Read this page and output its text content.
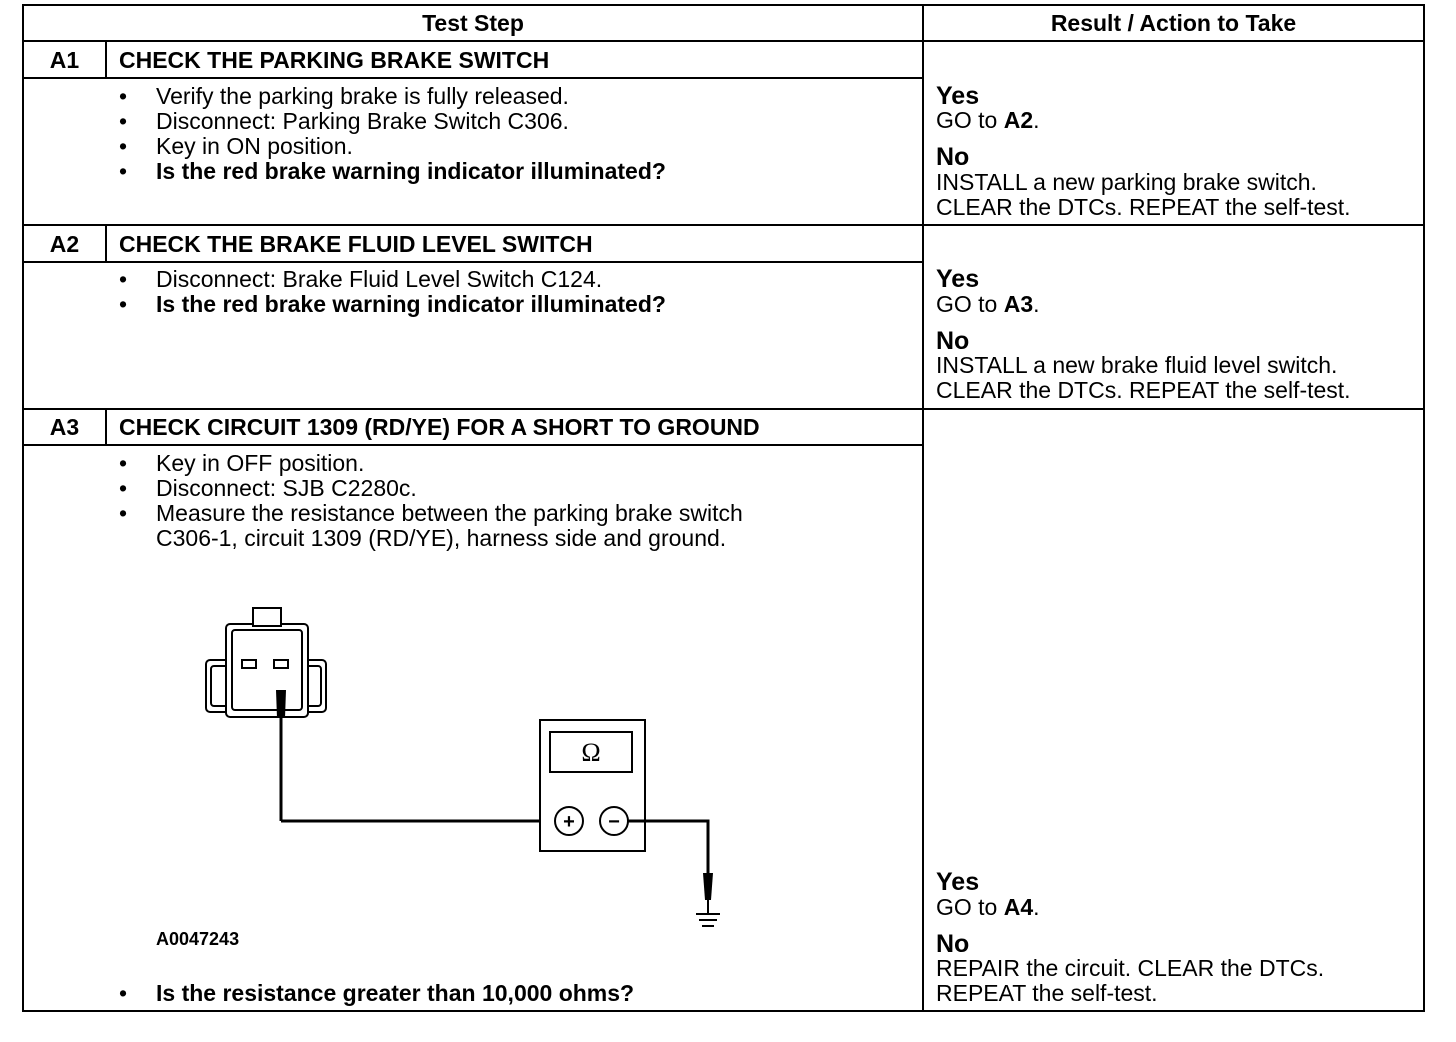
Test Step	Result / Action to Take
A1	CHECK THE PARKING BRAKE SWITCH
• Verify the parking brake is fully released.
• Disconnect: Parking Brake Switch C306.
• Key in ON position.
• Is the red brake warning indicator illuminated?
Yes
GO to A2.
No
INSTALL a new parking brake switch.
CLEAR the DTCs. REPEAT the self-test.
A2	CHECK THE BRAKE FLUID LEVEL SWITCH
• Disconnect: Brake Fluid Level Switch C124.
• Is the red brake warning indicator illuminated?
Yes
GO to A3.
No
INSTALL a new brake fluid level switch.
CLEAR the DTCs. REPEAT the self-test.
A3	CHECK CIRCUIT 1309 (RD/YE) FOR A SHORT TO GROUND
• Key in OFF position.
• Disconnect: SJB C2280c.
• Measure the resistance between the parking brake switch
C306-1, circuit 1309 (RD/YE), harness side and ground.
Ω
+ −
A0047243
• Is the resistance greater than 10,000 ohms?
Yes
GO to A4.
No
REPAIR the circuit. CLEAR the DTCs.
REPEAT the self-test.
